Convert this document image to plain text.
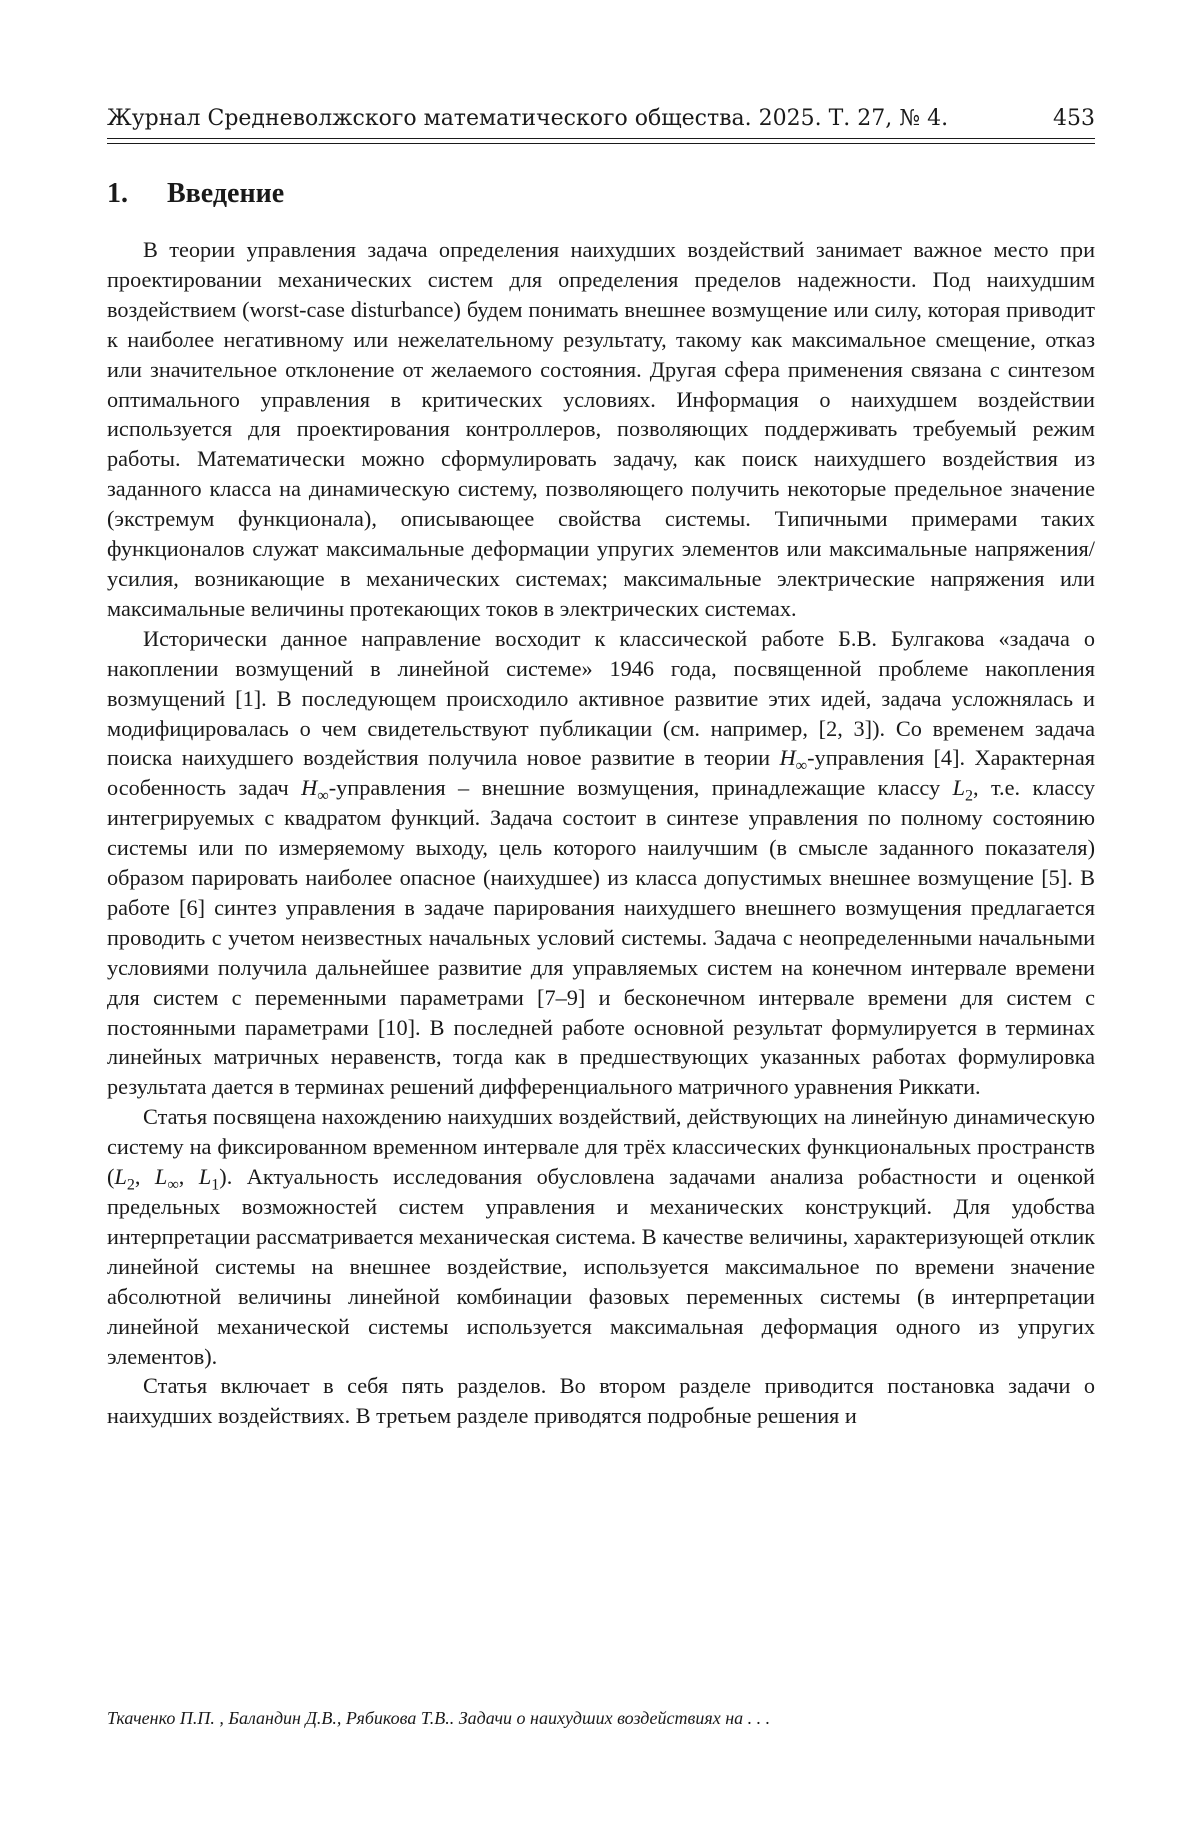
Журнал Средневолжского математического общества. 2025. Т. 27, № 4.	453
1.	Введение

В теории управления задача определения наихудших воздействий занимает важное место при проектировании механических систем для определения пределов надежности. Под наихудшим воздействием (worst-case disturbance) будем понимать внешнее возмущение или силу, которая приводит к наиболее негативному или нежелательному результату, такому как максимальное смещение, отказ или значительное отклонение от желаемого состояния. Другая сфера применения связана с синтезом оптимального управления в критических условиях. Информация о наихудшем воздействии используется для проектирования контроллеров, позволяющих поддерживать требуемый режим работы. Математически можно сформулировать задачу, как поиск наихудшего воздействия из заданного класса на динамическую систему, позволяющего получить некоторые предельное значение (экстремум функционала), описывающее свойства системы. Типичными примерами таких функционалов служат максимальные деформации упругих элементов или максимальные напряжения/усилия, возникающие в механических системах; максимальные электрические напряжения или максимальные величины протекающих токов в электрических системах.

Исторически данное направление восходит к классической работе Б.В. Булгакова «задача о накоплении возмущений в линейной системе» 1946 года, посвященной проблеме накопления возмущений [1]. В последующем происходило активное развитие этих идей, задача усложнялась и модифицировалась о чем свидетельствуют публикации (см. например, [2, 3]). Со временем задача поиска наихудшего воздействия получила новое развитие в теории $H_\infty$-управления [4]. Характерная особенность задач $H_\infty$-управления – внешние возмущения, принадлежащие классу $L_2$, т.е. классу интегрируемых с квадратом функций. Задача состоит в синтезе управления по полному состоянию системы или по измеряемому выходу, цель которого наилучшим (в смысле заданного показателя) образом парировать наиболее опасное (наихудшее) из класса допустимых внешнее возмущение [5]. В работе [6] синтез управления в задаче парирования наихудшего внешнего возмущения предлагается проводить с учетом неизвестных начальных условий системы. Задача с неопределенными начальными условиями получила дальнейшее развитие для управляемых систем на конечном интервале времени для систем с переменными параметрами [7–9] и бесконечном интервале времени для систем с постоянными параметрами [10]. В последней работе основной результат формулируется в терминах линейных матричных неравенств, тогда как в предшествующих указанных работах формулировка результата дается в терминах решений дифференциального матричного уравнения Риккати.

Статья посвящена нахождению наихудших воздействий, действующих на линейную динамическую систему на фиксированном временном интервале для трёх классических функциональных пространств ($L_2$, $L_\infty$, $L_1$). Актуальность исследования обусловлена задачами анализа робастности и оценкой предельных возможностей систем управления и механических конструкций. Для удобства интерпретации рассматривается механическая система. В качестве величины, характеризующей отклик линейной системы на внешнее воздействие, используется максимальное по времени значение абсолютной величины линейной комбинации фазовых переменных системы (в интерпретации линейной механической системы используется максимальная деформация одного из упругих элементов).

Статья включает в себя пять разделов. Во втором разделе приводится постановка задачи о наихудших воздействиях. В третьем разделе приводятся подробные решения и

Ткаченко П.П. , Баландин Д.В., Рябикова Т.В.. Задачи о наихудших воздействиях на . . .
